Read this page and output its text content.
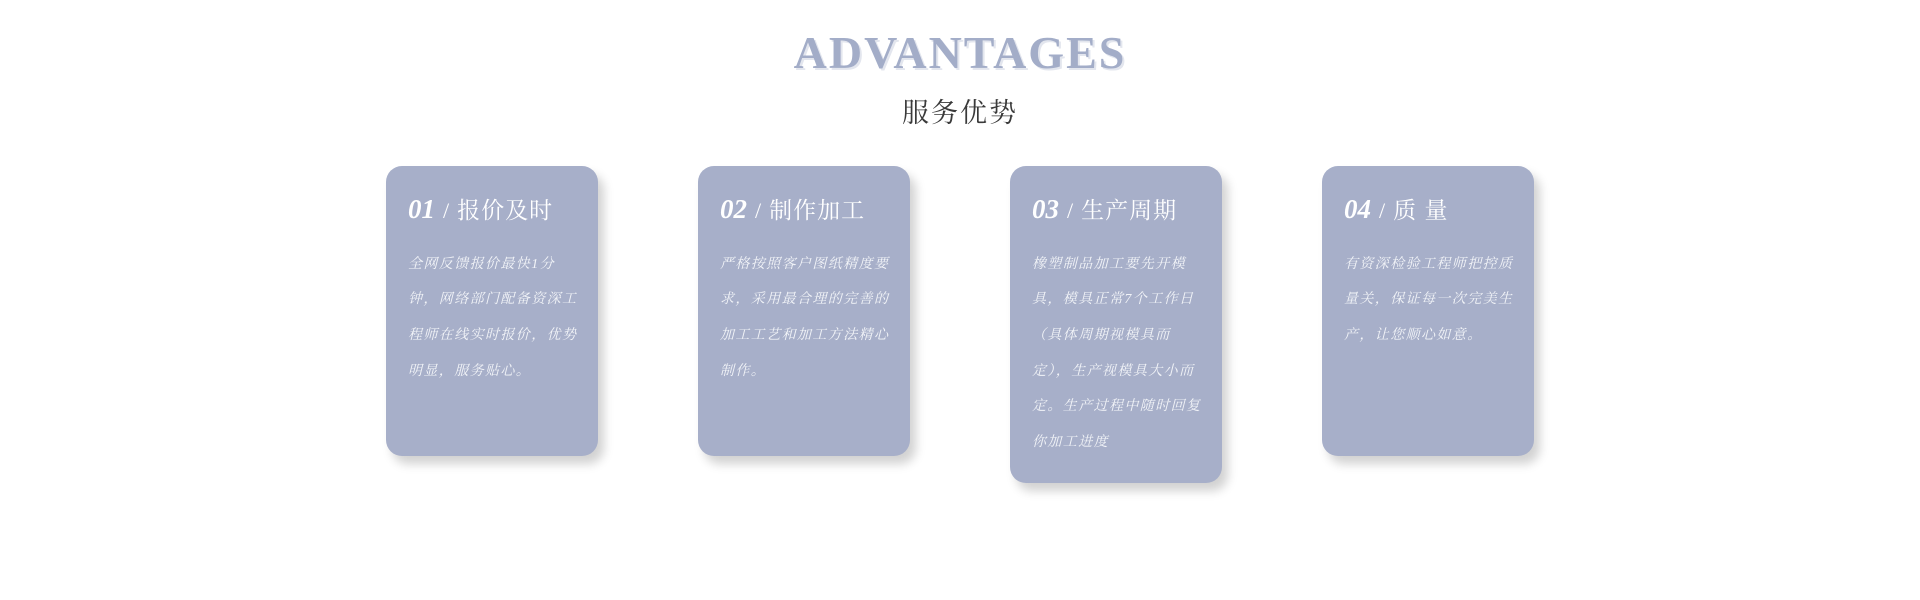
ADVANTAGES
服务优势
01 / 报价及时
全网反馈报价最快1分钟，网络部门配备资深工程师在线实时报价，优势明显，服务贴心。
02 / 制作加工
严格按照客户图纸精度要求，采用最合理的完善的加工工艺和加工方法精心制作。
03 / 生产周期
橡塑制品加工要先开模具，模具正常7个工作日（具体周期视模具而定），生产视模具大小而定。生产过程中随时回复你加工进度
04 / 质 量
有资深检验工程师把控质量关，保证每一次完美生产，让您顺心如意。
